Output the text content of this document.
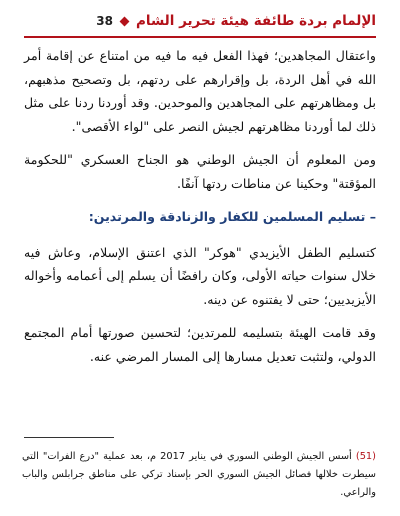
الإلمام بردة طائفة هيئة تحرير الشام
38

واعتقال المجاهدين؛ فهذا الفعل فيه ما فيه من امتناع عن إقامة أمر الله في أهل الردة، بل وإقرارهم على ردتهم، بل وتصحيح مذهبهم، بل ومظاهرتهم على المجاهدين والموحدين. وقد أوردنا ردنا على مثل ذلك لما أوردنا مظاهرتهم لجيش النصر على "لواء الأقصى".

ومن المعلوم أن الجيش الوطني هو الجناح العسكري "للحكومة المؤقتة" وحكينا عن مناطات ردتها آنفًا.

– تسليم المسلمين للكفار والزنادقة والمرتدين:

كتسليم الطفل الأيزيدي "هوكر" الذي اعتنق الإسلام، وعاش فيه خلال سنوات حياته الأولى، وكان رافضًا أن يسلم إلى أعمامه وأخواله الأيزيديين؛ حتى لا يفتنوه عن دينه.

وقد قامت الهيئة بتسليمه للمرتدين؛ لتحسين صورتها أمام المجتمع الدولي، ولتثبت تعديل مسارها إلى المسار المرضي عنه.

(51) أسس الجيش الوطني السوري في يناير 2017 م، بعد عملية "درع الفرات" التي سيطرت خلالها فصائل الجيش السوري الحر بإسناد تركي على مناطق جرابلس والباب والراعي.
